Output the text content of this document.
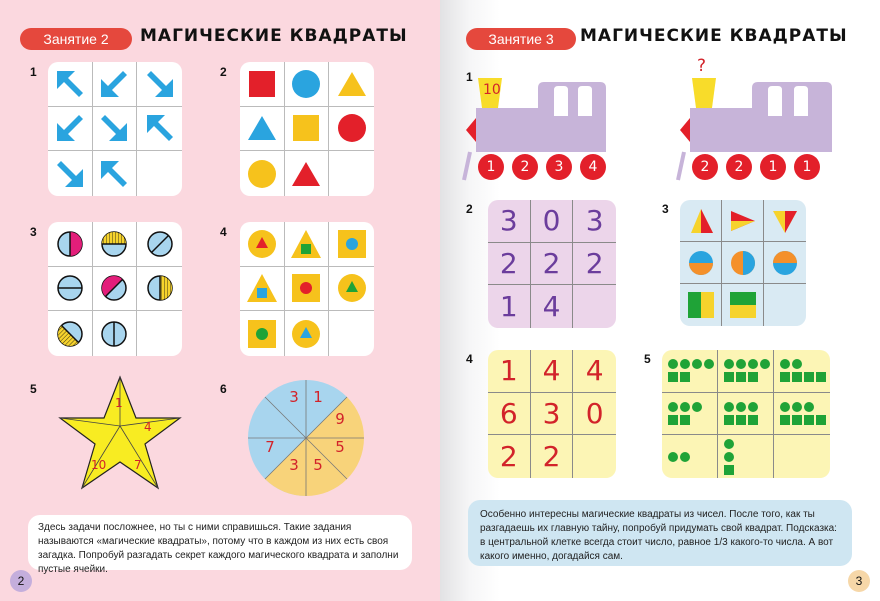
Занятие 2	МАГИЧЕСКИЕ КВАДРАТЫ
1	2
3	4
5	6
1
4
7
10
3 1
9
5
3
7	5
Здесь задачи посложнее, но ты с ними справишься. Такие задания называются «магические квадраты», потому что в каждом из них есть своя загадка. Попробуй разгадать секрет каждого магического квадрата и заполни пустые ячейки.
2
Занятие 3	МАГИЧЕСКИЕ КВАДРАТЫ
1
2	3
4	5
10
1	2	3	4
?
2	2	1	1
3 0 3
2 2 2
1 4
1 4 4
6 3 0
2 2
Особенно интересны магические квадраты из чисел. После того, как ты разгадаешь их главную тайну, попробуй придумать свой квадрат. Подсказка: в центральной клетке всегда стоит число, равное 1/3 какого-то числа. А вот какого именно, догадайся сам.
3
